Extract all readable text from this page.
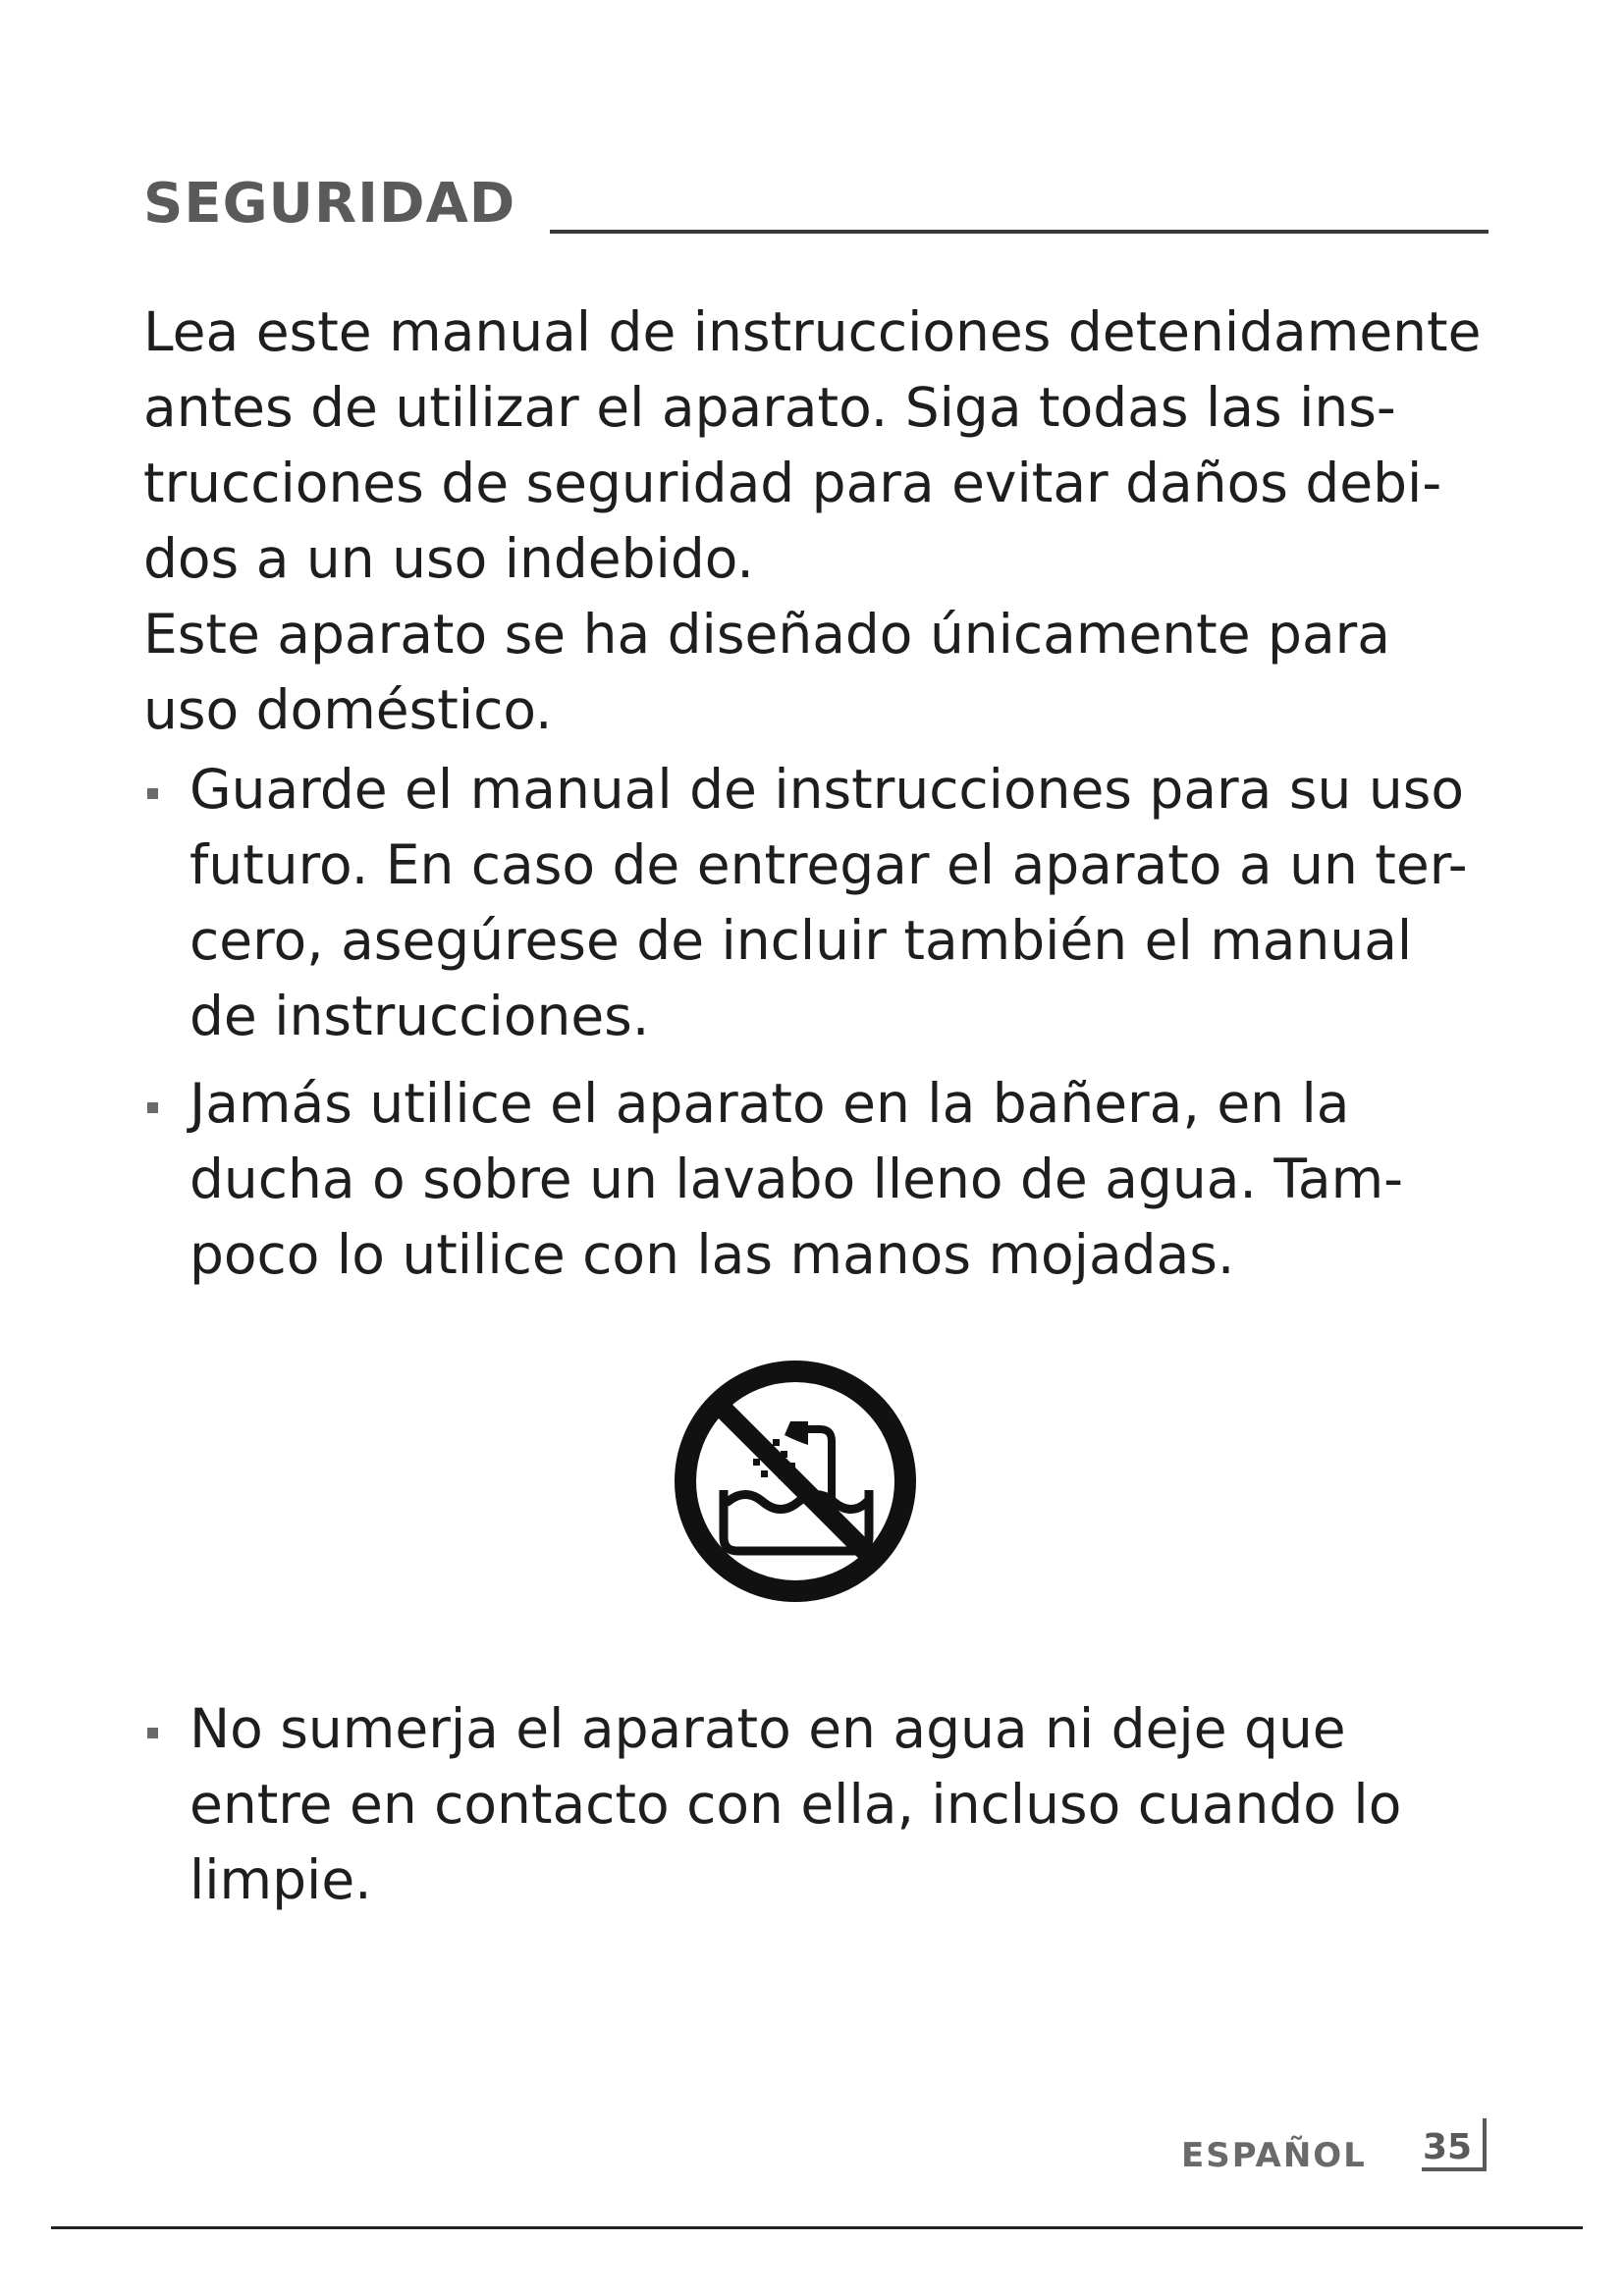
SEGURIDAD

Lea este manual de instrucciones detenidamente

antes de utilizar el aparato. Siga todas las ins-

trucciones de seguridad para evitar daños debi-

dos a un uso indebido.

Este aparato se ha diseñado únicamente para

uso doméstico.

Guarde el manual de instrucciones para su uso

futuro. En caso de entregar el aparato a un ter-

cero, asegúrese de incluir también el manual

de instrucciones.

Jamás utilice el aparato en la bañera, en la

ducha o sobre un lavabo lleno de agua. Tam-

poco lo utilice con las manos mojadas.

No sumerja el aparato en agua ni deje que

entre en contacto con ella, incluso cuando lo

limpie.

ESPAÑOL 35
